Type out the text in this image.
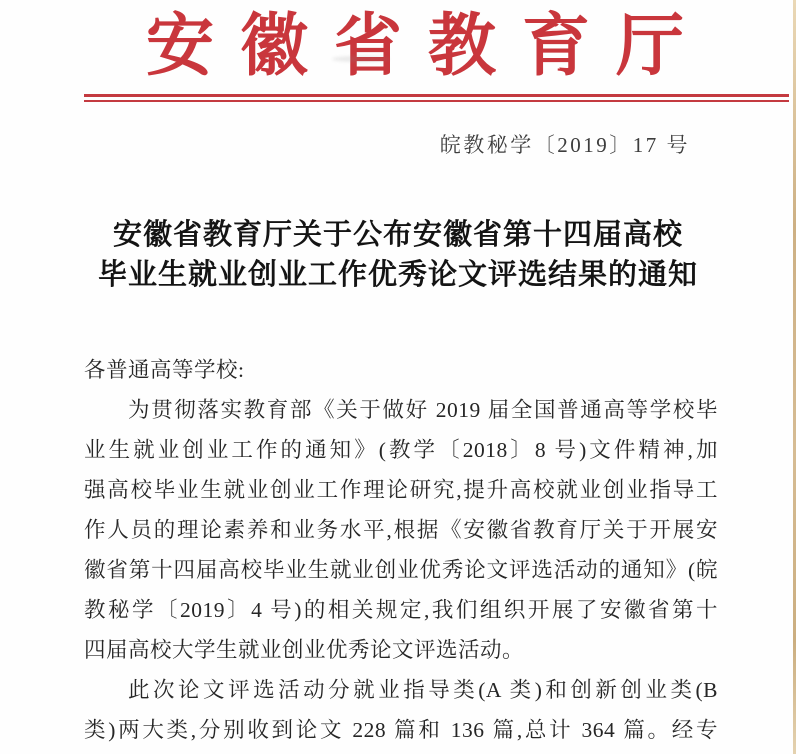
安徽省教育厅
皖教秘学〔2019〕17 号
安徽省教育厅关于公布安徽省第十四届高校
毕业生就业创业工作优秀论文评选结果的通知
各普通高等学校:
为贯彻落实教育部《关于做好 2019 届全国普通高等学校毕
业生就业创业工作的通知》(教学〔2018〕8 号)文件精神,加
强高校毕业生就业创业工作理论研究,提升高校就业创业指导工
作人员的理论素养和业务水平,根据《安徽省教育厅关于开展安
徽省第十四届高校毕业生就业创业优秀论文评选活动的通知》(皖
教秘学〔2019〕4 号)的相关规定,我们组织开展了安徽省第十
四届高校大学生就业创业优秀论文评选活动。
此次论文评选活动分就业指导类(A 类)和创新创业类(B
类)两大类,分别收到论文 228 篇和 136 篇,总计 364 篇。经专
